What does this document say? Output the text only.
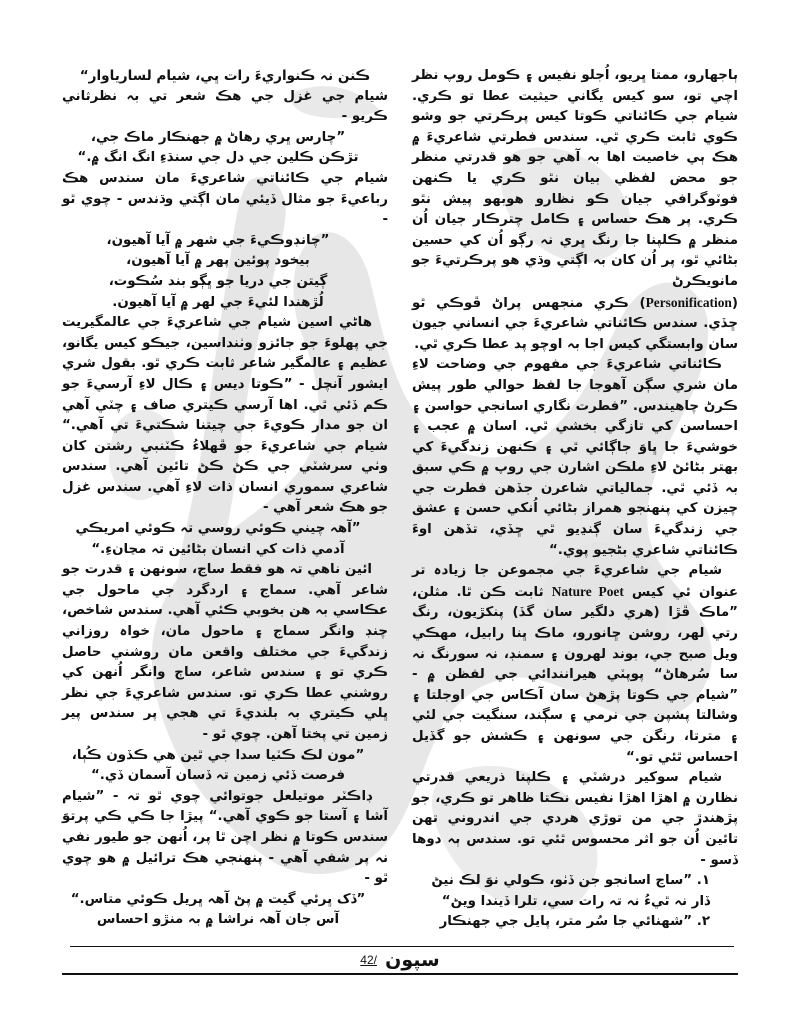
ٻاجهارو، ممتا ڀريو، اُجلو نفيس ۽ ڪومل روپ نظر اچي تو، سو کيس يگاني حيثيت عطا تو ڪري. شيام جي ڪائناتي ڪوتا کيس پرڪرتي جو وشو ڪوي ثابت ڪري ٿي. سندس فطرتي شاعريءَ ۾ هڪ ٻي خاصيت اها بہ آهي جو هو قدرتي منظر جو محض لفظي بيان نٿو ڪري يا ڪنهن فوٽوگرافي جيان ڪو نظارو هوبهو پيش نٿو ڪري. پر هڪ حساس ۽ ڪامل چترڪار جيان اُن منظر ۾ ڪلپنا جا رنگ ڀري نہ رڳو اُن کي حسين بڻائي ٿو، پر اُن کان بہ اڳتي وڌي هو پرڪرتيءَ جو مانويڪرڻ

(Personification) ڪري منجهس پراڻ ڦوڪي ٿو ڇڏي. سندس ڪائناتي شاعريءَ جي انساني جيون سان وابستگي کيس اجا بہ اوچو پد عطا ڪري ٿي.

ڪائناتي شاعريءَ جي مفهوم جي وضاحت لاءِ مان شري سڳن آهوجا جا لفظ حوالي طور پيش ڪرڻ چاهيندس. ”فطرت نگاري اسانجي حواسن ۽ احساسن کي تازگي بخشي ٿي. اسان ۾ عجب ۽ خوشيءَ جا ڀاوَ جاڳائي ٿي ۽ ڪنهن زندگيءَ کي بهتر بڻائڻ لاءِ ملڪن اشارن جي روپ ۾ ڪي سبق بہ ڏئي ٿي. جمالياتي شاعرن جڏهن فطرت جي چيزن کي پنهنجو همراز بڻائي اُنکي حسن ۽ عشق جي زندگيءَ سان ڳنڍيو ٿي ڇڏي، تڏهن اوءَ ڪائناتي شاعري بڻجيو پوي.“

شيام جي شاعريءَ جي مجموعن جا زيادہ تر عنوان ئي کيس Nature Poet ثابت ڪن ٿا. مثلن، ”ماڪ ڦڙا (هري دلگير سان گڏ) پنکڙيون، رنگ رتي لهر، روشن ڇانورو، ماڪ ڀنا رابيل، مهڪي ويل صبح جي، بوند لهرون ۽ سمنڊ، نہ سورنگ نہ سا سُرهاڻ“ پوپٽي هيرانندائي جي لفظن ۾ - ”شيام جي ڪوتا پڙهڻ سان آڪاس جي اوجلتا ۽ وشالتا پشپن جي نرمي ۽ سڳند، سنگيت جي لئي ۽ مترتا، رنگن جي سونهن ۽ ڪشش جو گڏيل احساس ٿئي تو.“

شيام سوکير درشٽي ۽ ڪلپنا ذريعي قدرتي نظارن ۾ اهڙا اهڙا نفيس نڪتا ظاهر تو ڪري، جو پڙهندڙ جي من توڙي هردي جي اندروني تهن تائين اُن جو اثر محسوس ٿئي تو. سندس ٻہ دوها ڏسو -

١. ”ساڃ اسانجو جن ڏٺو، ڪولي نوَ لڪ نيڻ

ڏار نہ ٿيءُ نہ تہ رات سي، تلرا ڏيندا ويڻ“

٢. ”شهنائي جا سُر متر، پايل جي جهنڪار

ڪنن نہ ڪنواريءَ رات ڀي، شيام لسارياوار“

شيام جي غزل جي هڪ شعر تي بہ نظرثاني ڪريو -

”چارس ڀري رهاڻ ۾ جهنڪار ماڪ جي،

تڙڪن ڪلين جي دل جي سنڌءِ انگ انگ ۾.“

شيام جي ڪائناتي شاعريءَ مان سندس هڪ رباعيءَ جو مثال ڏيئي مان اڳتي وڌندس - چوي ٿو -

”چانڊوڪيءَ جي شهر ۾ آيا آهيون،

بيخود پوئين پهر ۾ آيا آهيون،

ڳيتن جي دريا جو ڀڳو بند سُڪوت،

لُڙهندا لئيءَ جي لهر ۾ آيا آهيون.

هاڻي اسين شيام جي شاعريءَ جي عالمگيريت جي پهلوءَ جو جائزو وٺنداسين، جيڪو کيس يگانو، عظيم ۽ عالمگير شاعر ثابت ڪري ٿو. بقول شري ايشور آنچل - ”ڪوتا ديس ۽ ڪال لاءِ آرسيءَ جو ڪم ڏئي ٿي. اها آرسي ڪيتري صاف ۽ چٽي آهي ان جو مدار ڪويءَ جي چيتنا شڪتيءَ تي آهي.“ شيام جي شاعريءَ جو ڦهلاءُ ڪٽنبي رشتن کان وٺي سرشٽي جي ڪڻ ڪڻ تائين آهي. سندس شاعري سموري انسان ذات لاءِ آهي. سندس غزل جو هڪ شعر آهي -

”آهہ چيني ڪوئي روسي تہ ڪوئي امريڪي

آدمي ذات کي انسان بڻائين تہ مڃانءِ.“

ائين ناهي تہ هو فقط ساڃ، سونهن ۽ قدرت جو شاعر آهي. سماج ۽ اردگرد جي ماحول جي عڪاسي بہ هن بخوبي ڪئي آهي. سندس شاخص، چنڊ وانگر سماج ۽ ماحول مان، خواہ روزاني زندگيءَ جي مختلف واقعن مان روشني حاصل ڪري تو ۽ سندس شاعر، ساڄ وانگر اُنهن کي روشني عطا ڪري تو. سندس شاعريءَ جي نظر ڀلي ڪيتري بہ بلنديءَ تي هجي پر سندس پير زمين تي پختا آهن. چوي ٿو -

”مون لڪ ڪٽيا سدا جي ٿين هي ڪڏون ڪُٻا،

فرصت ڏئي زمين تہ ڏسان آسمان ڏي.“

ڊاڪٽر موتيلعل جوتوائي چوي ٿو تہ - ”شيام آشا ۽ آستا جو ڪوي آهي.“ پيڙا جا ڪي ڪي پرتوَ سندس ڪوتا ۾ نظر اچن ٿا پر، اُنهن جو طيور نفي نہ پر شفي آهي - پنهنجي هڪ ترائيل ۾ هو چوي ٿو -

”ڏک ڀرئي گيت ۾ پڻ آهہ ڀريل ڪوئي متاس.“

آس جان آهہ نراشا ۾ بہ منڙو احساس

42/ سپون
